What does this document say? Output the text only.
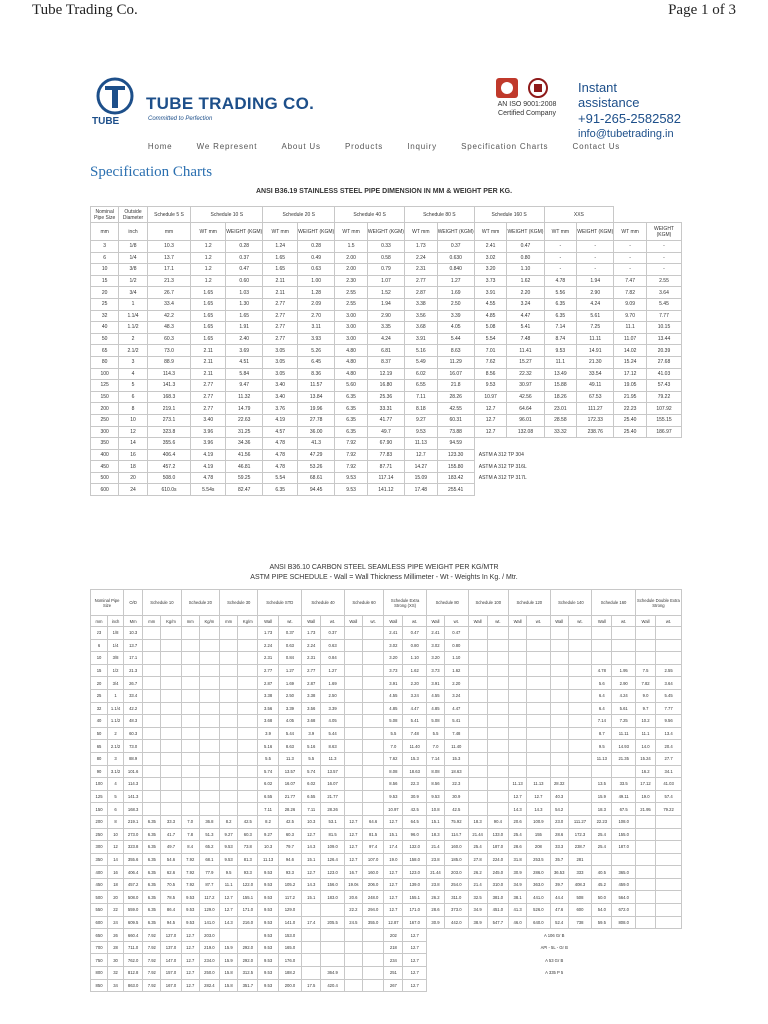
Tube Trading Co.	Page 1 of 3
TUBE
TUBE TRADING CO.
Committed to Perfection
AN ISO 9001:2008
Certified Company
Instant assistance
+91-265-2582582
info@tubetrading.in
Home	We Represent	About Us	Products	Inquiry	Specification Charts	Contact Us
Specification Charts
ANSI B36.19 STAINLESS STEEL PIPE DIMENSION IN MM & WEIGHT PER KG.
Nominal Pipe Size	Outside Diameter	Schedule 5 S	Schedule 10 S		Schedule 20 S		Schedule 40 S		Schedule 80 S		Schedule 160 S		XXS			
mm	inch	mm	WT mm	WEIGHT (KGM)	WT mm	WEIGHT (KGM)	WT mm	WEIGHT (KGM)	WT mm	WEIGHT (KGM)	WT mm	WEIGHT (KGM)	WT mm	WEIGHT (KGM)	WT mm	WEIGHT (KGM)
3	1/8	10.3	1.2	0.28	1.24	0.28	1.5	0.33	1.73	0.37	2.41	0.47	-	-	-	-
6	1/4	13.7	1.2	0.37	1.65	0.49	2.00	0.58	2.24	0.630	3.02	0.80	-	-	-	-
10	3/8	17.1	1.2	0.47	1.65	0.63	2.00	0.79	2.31	0.840	3.20	1.10	-	-	-	-
15	1/2	21.3	1.2	0.60	2.11	1.00	2.30	1.07	2.77	1.27	3.73	1.62	4.78	1.94	7.47	2.55
20	3/4	26.7	1.65	1.03	2.11	1.28	2.55	1.52	2.87	1.69	3.91	2.20	5.56	2.90	7.82	3.64
25	1	33.4	1.65	1.30	2.77	2.09	2.55	1.94	3.38	2.50	4.55	3.24	6.35	4.24	9.09	5.45
32	1.1/4	42.2	1.65	1.65	2.77	2.70	3.00	2.90	3.56	3.39	4.85	4.47	6.35	5.61	9.70	7.77
40	1.1/2	48.3	1.65	1.91	2.77	3.11	3.00	3.35	3.68	4.05	5.08	5.41	7.14	7.25	11.1	10.15
50	2	60.3	1.65	2.40	2.77	3.93	3.00	4.24	3.91	5.44	5.54	7.48	8.74	11.11	11.07	13.44
65	2.1/2	73.0	2.11	3.69	3.05	5.26	4.80	6.81	5.16	8.63	7.01	11.41	9.53	14.91	14.02	20.39
80	3	88.9	2.11	4.51	3.05	6.45	4.80	8.37	5.49	11.29	7.62	15.27	11.1	21.30	15.24	27.68
100	4	114.3	2.11	5.84	3.05	8.36	4.80	12.19	6.02	16.07	8.56	22.32	13.49	33.54	17.12	41.03
125	5	141.3	2.77	9.47	3.40	11.57	5.60	16.80	6.55	21.8	9.53	30.97	15.88	49.11	19.05	57.43
150	6	168.3	2.77	11.32	3.40	13.84	6.35	25.36	7.11	28.26	10.97	42.56	18.26	67.53	21.95	79.22
200	8	219.1	2.77	14.79	3.76	19.96	6.35	33.31	8.18	42.55	12.7	64.64	23.01	111.27	22.23	107.92
250	10	273.1	3.40	22.63	4.19	27.78	6.35	41.77	9.27	60.31	12.7	96.01	28.58	172.33	25.40	155.15
300	12	323.8	3.96	31.25	4.57	36.00	6.35	49.7	9.53	73.88	12.7	132.08	33.32	238.76	25.40	186.97
350	14	355.6	3.96	34.36	4.78	41.3	7.92	67.90	11.13	94.59						
400	16	406.4	4.19	41.56	4.78	47.29	7.92	77.83	12.7	123.30	ASTM A 312 TP 304					
450	18	457.2	4.19	46.81	4.78	53.26	7.92	87.71	14.27	155.80	ASTM A 312 TP 316L					
500	20	508.0	4.78	59.25	5.54	68.61	9.53	117.14	15.09	183.42	ASTM A 312 TP 317L					
600	24	610.0s	5.54s	82.47	6.35	94.45	9.53	141.12	17.48	255.41						
ANSI B36.10 CARBON STEEL SEAMLESS PIPE WEIGHT PER KG/MTR
ASTM PIPE SCHEDULE - Wall = Wall Thickness Millimeter - Wt - Weights In Kg. / Mtr.
Nominal Pipe Size		O/D	Schedule 10		Schedule 20		Schedule 30		Schedule STD		Schedule 40		Schedule 60		Schedule Extra Strong (XS)		Schedule 80		Schedule 100		Schedule 120		Schedule 140		Schedule 160		Schedule Double Extra Strong	
mm	inch	Mm	mm	Kg/m	mm	Kg/m	mm	Kg/m	Wall	wt.	Wall	wt.	Wall	wt.	Wall	wt.	Wall	wt.	Wall	wt.	Wall	wt.	Wall	wt.	Wall	wt.	Wall	wt.
z3	1/8	10.3							1.73	0.37	1.73	0.37			2.41	0.47	2.41	0.47										
6	1/4	13.7							2.24	0.63	2.24	0.63			3.02	0.80	3.02	0.80										
10	3/8	17.1							2.31	0.84	2.31	0.84			3.20	1.10	3.20	1.10										
15	1/2	21.3							2.77	1.27	2.77	1.27			3.73	1.62	3.73	1.62							4.78	1.95	7.5	2.55
20	3/4	26.7							2.87	1.69	2.87	1.69			3.91	2.20	3.91	2.20							5.6	2.90	7.82	3.64
25	1	33.4							3.38	2.50	3.38	2.50			4.55	3.24	4.55	3.24							6.4	4.24	9.0	5.45
32	1.1/4	42.2							3.56	3.39	3.56	3.39			4.85	4.47	4.85	4.47							6.4	5.61	9.7	7.77
40	1.1/2	48.3							3.68	4.05	3.68	4.05			5.08	5.41	5.08	5.41							7.14	7.25	10.2	9.56
50	2	60.3							3.9	5.44	3.9	5.44			5.5	7.48	5.5	7.48							8.7	11.11	11.1	13.4
65	2.1/2	73.0							5.16	8.63	5.16	8.63			7.0	11.40	7.0	11.40							9.5	14.93	14.0	20.4
80	3	88.9							5.5	11.3	5.5	11.3			7.62	15.3	7.14	15.3							11.13	21.35	15.24	27.7
90	3.1/2	101.6							5.74	13.57	5.74	13.57			8.08	18.63	8.08	18.63									16.2	34.1
100	4	114.3							6.02	16.07	6.02	16.07			8.56	22.3	8.56	22.3			11.13	11.13	28.32		13.5	33.5	17.12	41.03
125	5	141.3							6.55	21.77	6.55	21.77			9.53	30.9	9.53	30.9			12.7	12.7	40.3		15.9	49.11	19.0	57.4
150	6	168.3							7.11	28.26	7.11	28.26			10.97	42.5	10.8	42.5			14.3	14.3	54.2		18.3	67.5	21.95	79.22
200	8	219.1	6.35	33.3	7.0	36.8	8.2	42.5	8.2	42.5	10.3	53.1	12.7	64.6	12.7	64.5	15.1	75.92	18.3	90.4	20.6	100.9	23.0	111.27	22.23	108.0		
250	10	273.0	6.35	41.7	7.8	51.3	9.27	60.3	9.27	60.3	12.7	81.5	12.7	81.5	15.1	96.0	18.3	114.7	21.44	133.0	25.4	155	28.6	172.3	25.4	155.0		
300	12	323.8	6.35	49.7	8.4	65.2	9.53	73.8	10.3	79.7	14.3	109.0	12.7	97.4	17.4	132.0	21.4	160.0	25.4	187.0	28.6	208	33.3	238.7	25.4	187.0		
350	14	355.6	6.35	54.6	7.92	68.1	9.53	81.3	11.13	94.6	15.1	126.4	12.7	107.0	19.0	158.0	23.8	185.0	27.8	224.0	31.8	253.5	35.7	281				
400	16	406.4	6.35	62.6	7.92	77.9	9.5	93.3	9.53	93.3	12.7	123.0	16.7	160.0	12.7	123.0	21.44	203.0	26.2	245.0	30.9	286.0	36.53	333	40.5	365.0		
450	18	457.2	6.35	70.5	7.92	87.7	11.1	122.0	9.53	105.2	14.3	156.0	19.0s	206.0	12.7	139.0	23.8	254.0	21.4	310.0	34.9	363.0	39.7	408.3	45.2	459.0		
500	20	508.0	6.35	78.5	9.53	117.2	12.7	155.1	9.53	117.2	15.1	183.0	20.6	248.0	12.7	155.1	26.2	311.0	32.5	381.0	38.1	441.0	44.4	508	50.0	564.0		
550	22	559.0	6.35	86.4	9.53	129.0	12.7	171.0	9.53	129.0			22.2	294.0	12.7	171.0	28.6	373.0	34.9	451.0	41.3	526.0	47.6	600	54.0	672.0		
600	24	609.5	6.35	94.5	9.53	141.0	14.3	216.0	9.53	141.0	17.4	205.5	24.5	355.0	12.87	167.0	30.9	442.0	38.9	547.7	46.0	640.0	52.4	738	59.5	808.0		
650	26	660.4	7.92	127.0	12.7	203.0			9.53	153.0					202	12.7	A 106 Gr B											
700	28	711.0	7.92	137.0	12.7	219.0	15.9	292.0	9.53	165.0					218	12.7	API - 5L - Gr B											
750	30	762.0	7.92	147.0	12.7	234.0	15.9	292.0	9.53	176.0					234	12.7	A 53 Gr B											
800	32	812.8	7.92	157.0	12.7	250.0	15.8	312.5	9.53	188.2		364.9			251	12.7	A 335 P 5											
850	34	863.0	7.92	167.0	12.7	282.4	15.8	351.7	9.53	200.0	17.5	420.4			267	12.7												
